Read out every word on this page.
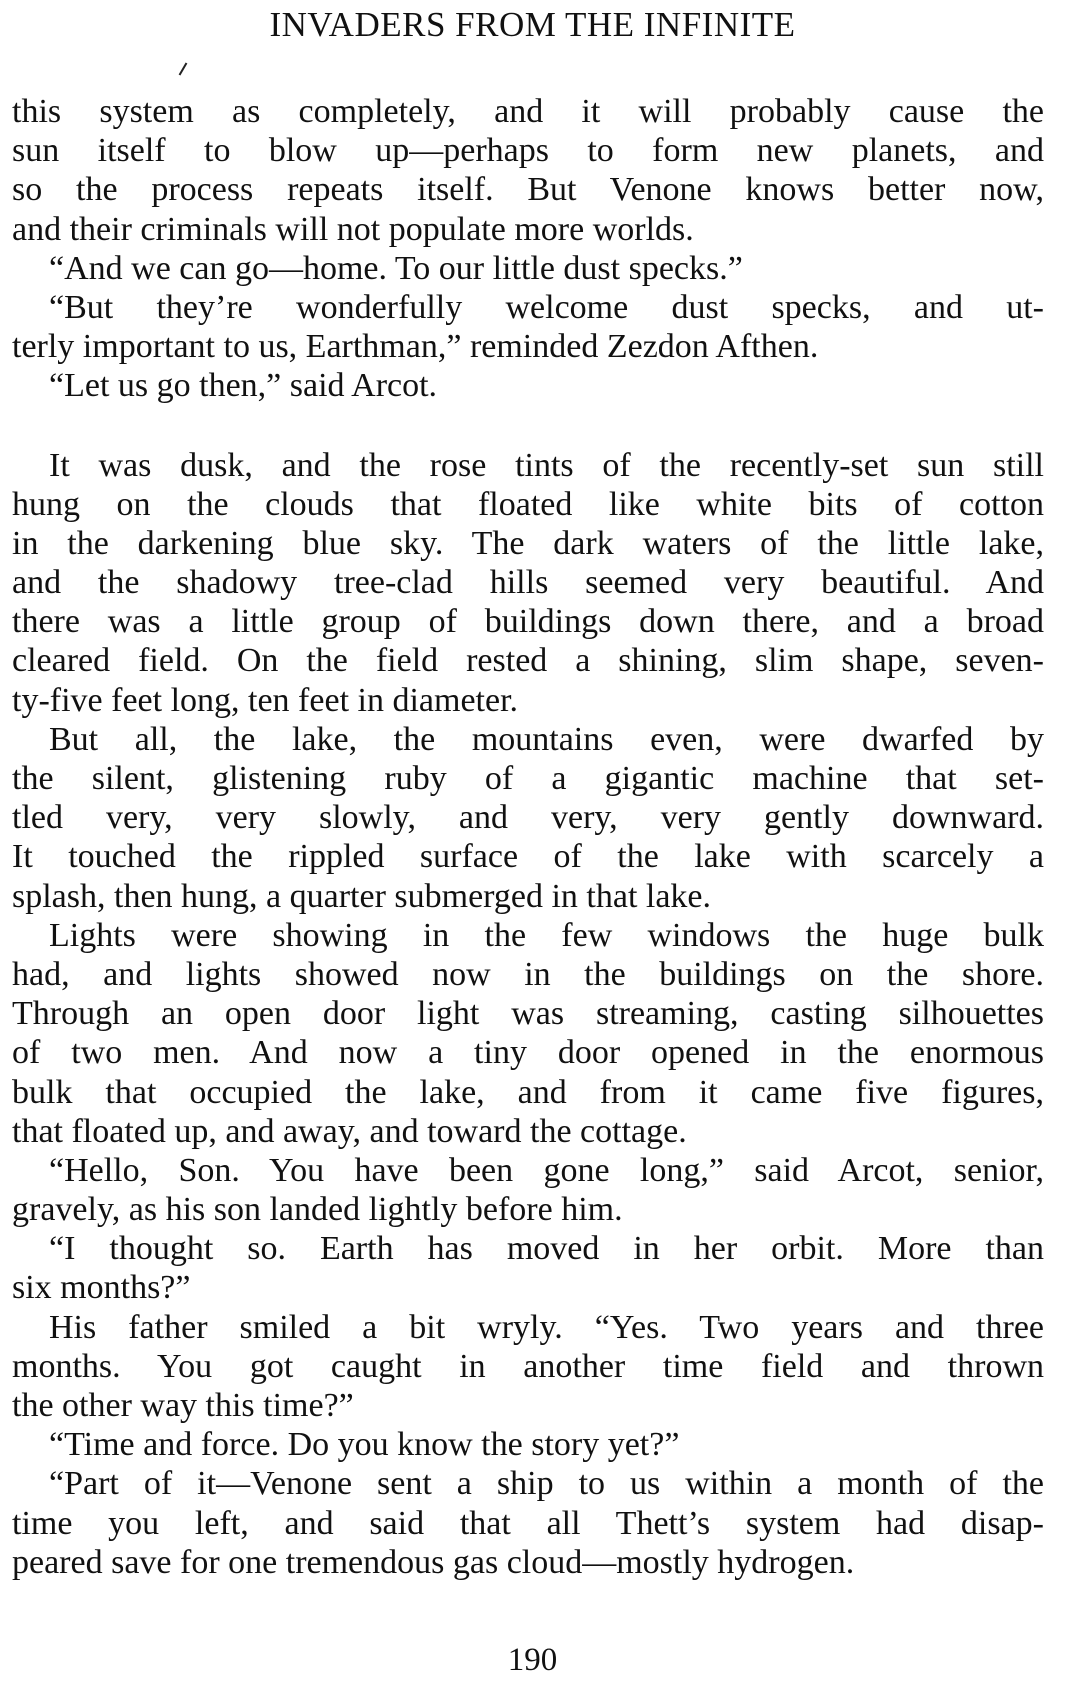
INVADERS FROM THE INFINITE
this system as completely, and it will probably cause the
sun itself to blow up—perhaps to form new planets, and
so the process repeats itself. But Venone knows better now,
and their criminals will not populate more worlds.
“And we can go—home. To our little dust specks.”
“But they’re wonderfully welcome dust specks, and ut-
terly important to us, Earthman,” reminded Zezdon Afthen.
“Let us go then,” said Arcot.
It was dusk, and the rose tints of the recently-set sun still
hung on the clouds that floated like white bits of cotton
in the darkening blue sky. The dark waters of the little lake,
and the shadowy tree-clad hills seemed very beautiful. And
there was a little group of buildings down there, and a broad
cleared field. On the field rested a shining, slim shape, seven-
ty-five feet long, ten feet in diameter.
But all, the lake, the mountains even, were dwarfed by
the silent, glistening ruby of a gigantic machine that set-
tled very, very slowly, and very, very gently downward.
It touched the rippled surface of the lake with scarcely a
splash, then hung, a quarter submerged in that lake.
Lights were showing in the few windows the huge bulk
had, and lights showed now in the buildings on the shore.
Through an open door light was streaming, casting silhouettes
of two men. And now a tiny door opened in the enormous
bulk that occupied the lake, and from it came five figures,
that floated up, and away, and toward the cottage.
“Hello, Son. You have been gone long,” said Arcot, senior,
gravely, as his son landed lightly before him.
“I thought so. Earth has moved in her orbit. More than
six months?”
His father smiled a bit wryly. “Yes. Two years and three
months. You got caught in another time field and thrown
the other way this time?”
“Time and force. Do you know the story yet?”
“Part of it—Venone sent a ship to us within a month of the
time you left, and said that all Thett’s system had disap-
peared save for one tremendous gas cloud—mostly hydrogen.
190
